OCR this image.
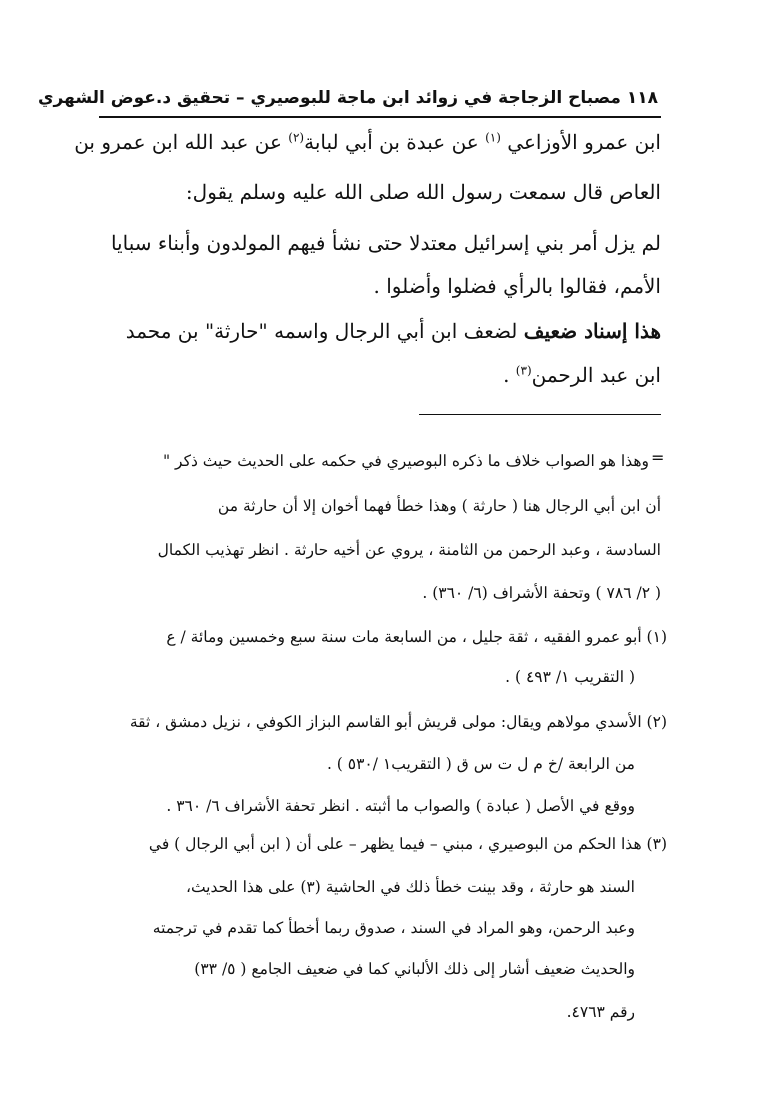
١١٨ مصباح الزجاجة في زوائد ابن ماجة للبوصيري – تحقيق د.عوض الشهري
ابن عمرو الأوزاعي $^{(١)}$ عن عبدة بن أبي لبابة$^{(٢)}$ عن عبد الله ابن عمرو بن
العاص قال سمعت رسول الله صلى الله عليه وسلم يقول:
لم يزل أمر بني إسرائيل معتدلا حتى نشأ فيهم المولدون وأبناء سبايا
الأمم، فقالوا بالرأي فضلوا وأضلوا .
هذا إسناد ضعيف لضعف ابن أبي الرجال واسمه "حارثة" بن محمد
ابن عبد الرحمن$^{(٣)}$ .
=
وهذا هو الصواب خلاف ما ذكره البوصيري في حكمه على الحديث حيث ذكر "
أن ابن أبي الرجال هنا ( حارثة ) وهذا خطأ فهما أخوان إلا أن حارثة من
السادسة ، وعبد الرحمن من الثامنة ، يروي عن أخيه حارثة . انظر تهذيب الكمال
( ٢/ ٧٨٦ ) وتحفة الأشراف (٦/ ٣٦٠) .
(١) أبو عمرو الفقيه ، ثقة جليل ، من السابعة مات سنة سبع وخمسين ومائة / ع
( التقريب ١/ ٤٩٣ ) .
(٢) الأسدي مولاهم ويقال: مولى قريش أبو القاسم البزاز الكوفي ، نزيل دمشق ، ثقة
من الرابعة /خ م ل ت س ق ( التقريب١ /٥٣٠ ) .
ووقع في الأصل ( عبادة ) والصواب ما أثبته . انظر تحفة الأشراف ٦/ ٣٦٠ .
(٣) هذا الحكم من البوصيري ، مبني – فيما يظهر – على أن ( ابن أبي الرجال ) في
السند هو حارثة ، وقد بينت خطأ ذلك في الحاشية (٣) على هذا الحديث،
وعبد الرحمن، وهو المراد في السند ، صدوق ربما أخطأ كما تقدم في ترجمته
والحديث ضعيف أشار إلى ذلك الألباني كما في ضعيف الجامع ( ٥/ ٣٣)
رقم ٤٧٦٣.
